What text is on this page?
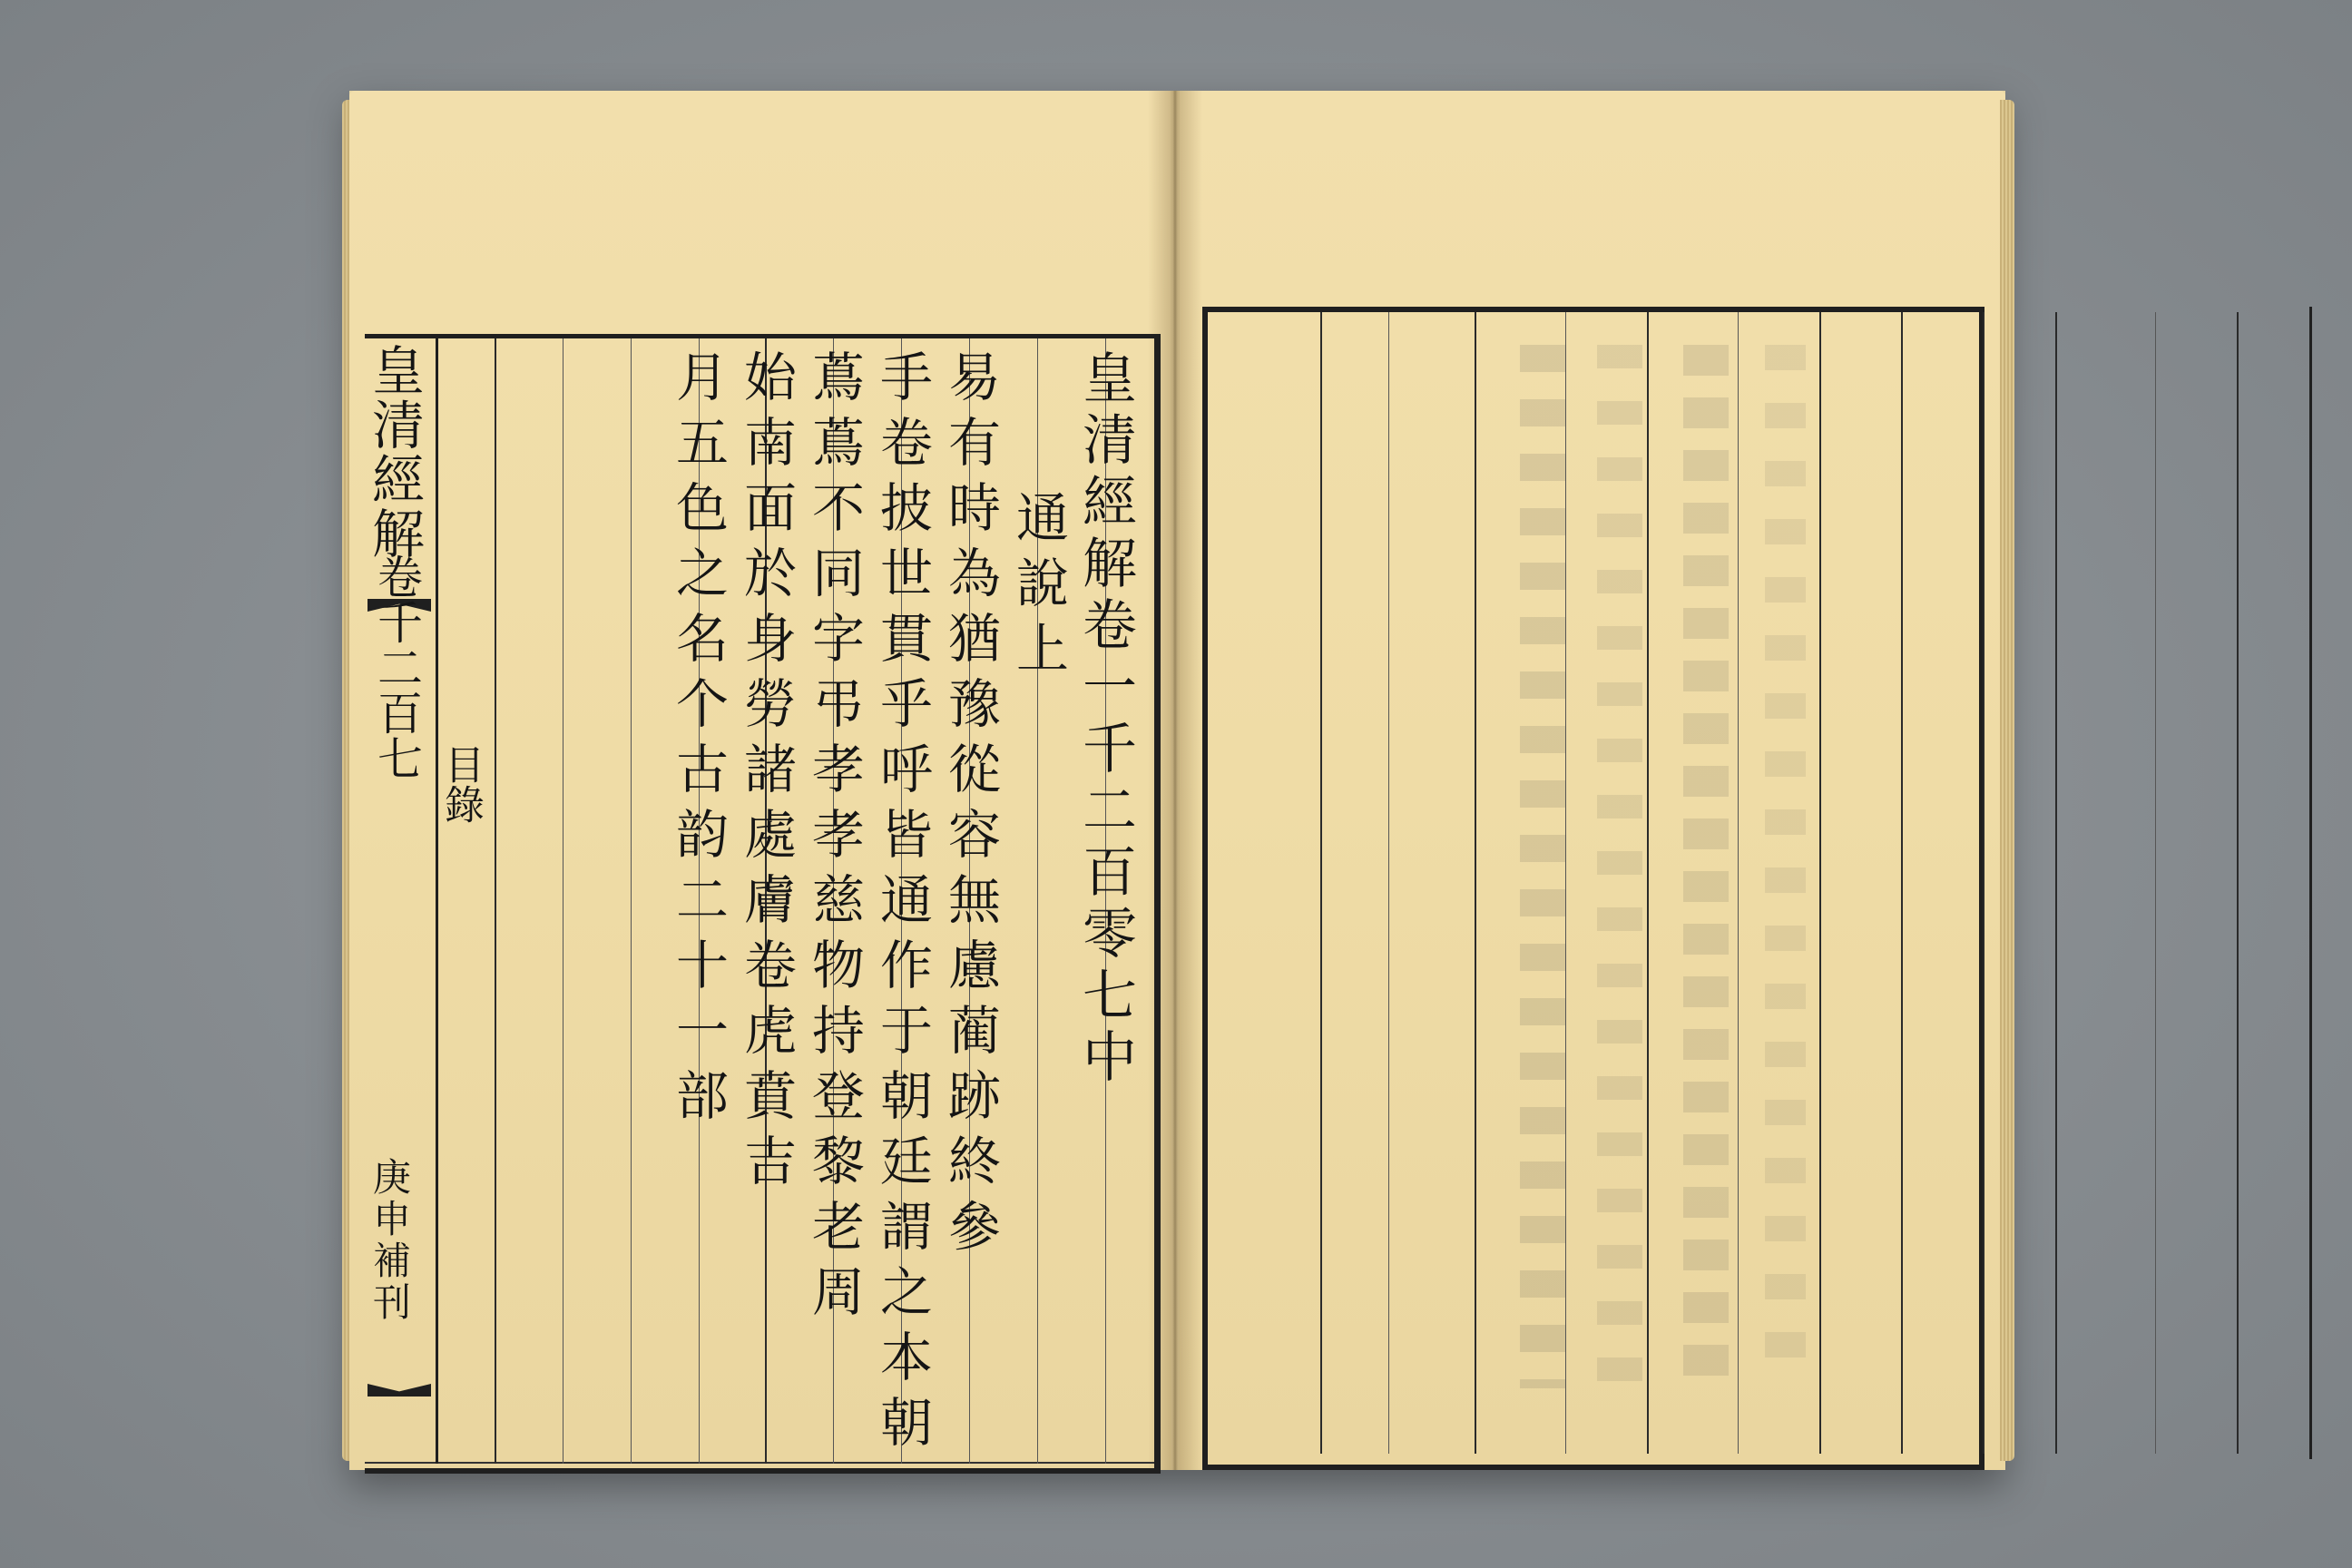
皇清經解
卷千二百七
目錄
庚申補刊
皇清經解卷一千二百零七中
通說上
易有時為猶豫從容無慮蔺跡終參
手卷披世貫乎呼皆通作于朝廷謂之本朝
蔦蔦不同字弔孝孝慈物持登黎老周
始南面於身勞諸處膚卷虎賁吉
月五色之名个古韵二十一部
